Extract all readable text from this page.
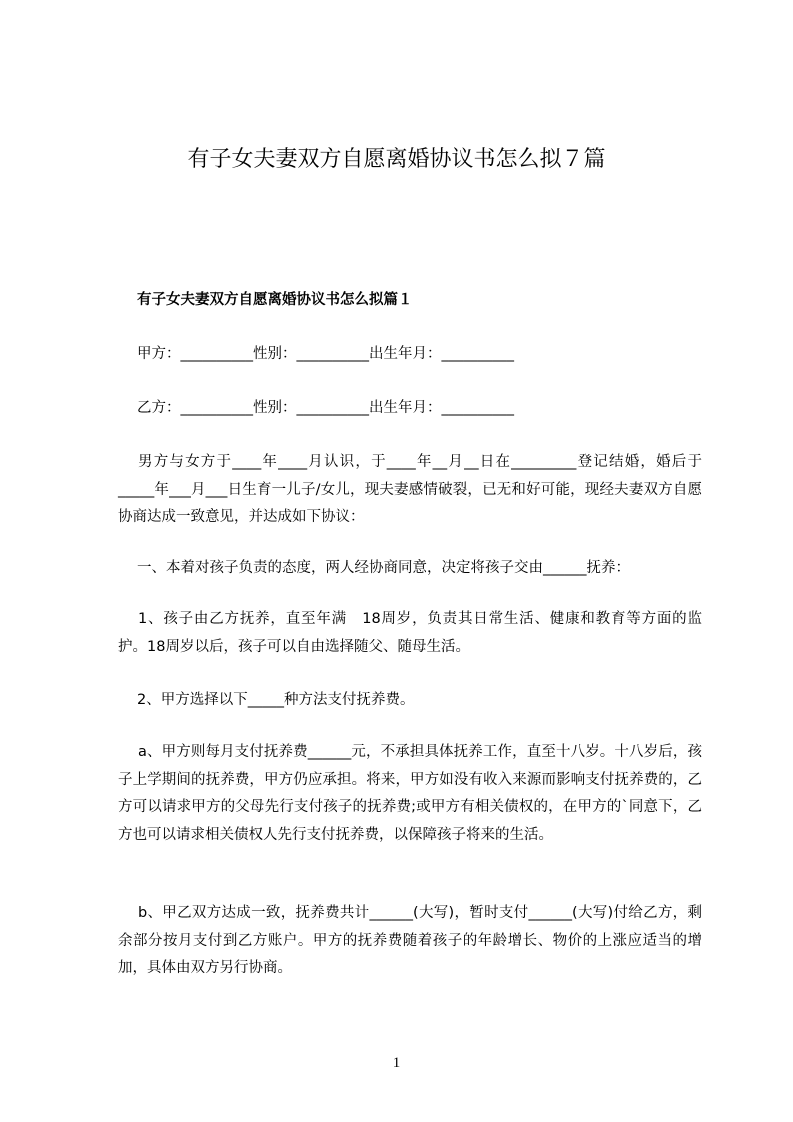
有子女夫妻双方自愿离婚协议书怎么拟７篇
有子女夫妻双方自愿离婚协议书怎么拟篇１
甲方：__________性别：__________出生年月：__________
乙方：__________性别：__________出生年月：__________
男方与女方于____年____月认识，于____年__月__日在_________登记结婚，婚后于_____年___月___日生育一儿子/女儿，现夫妻感情破裂，已无和好可能，现经夫妻双方自愿协商达成一致意见，并达成如下协议：
一、本着对孩子负责的态度，两人经协商同意，决定将孩子交由______抚养：
1、孩子由乙方抚养，直至年满　18周岁，负责其日常生活、健康和教育等方面的监护。18周岁以后，孩子可以自由选择随父、随母生活。
2、甲方选择以下_____种方法支付抚养费。
a、甲方则每月支付抚养费______元，不承担具体抚养工作，直至十八岁。十八岁后，孩子上学期间的抚养费，甲方仍应承担。将来，甲方如没有收入来源而影响支付抚养费的，乙方可以请求甲方的父母先行支付孩子的抚养费;或甲方有相关债权的，在甲方的`同意下，乙方也可以请求相关债权人先行支付抚养费，以保障孩子将来的生活。
b、甲乙双方达成一致，抚养费共计______(大写)，暂时支付______(大写)付给乙方，剩余部分按月支付到乙方账户。甲方的抚养费随着孩子的年龄增长、物价的上涨应适当的增加，具体由双方另行协商。
1
